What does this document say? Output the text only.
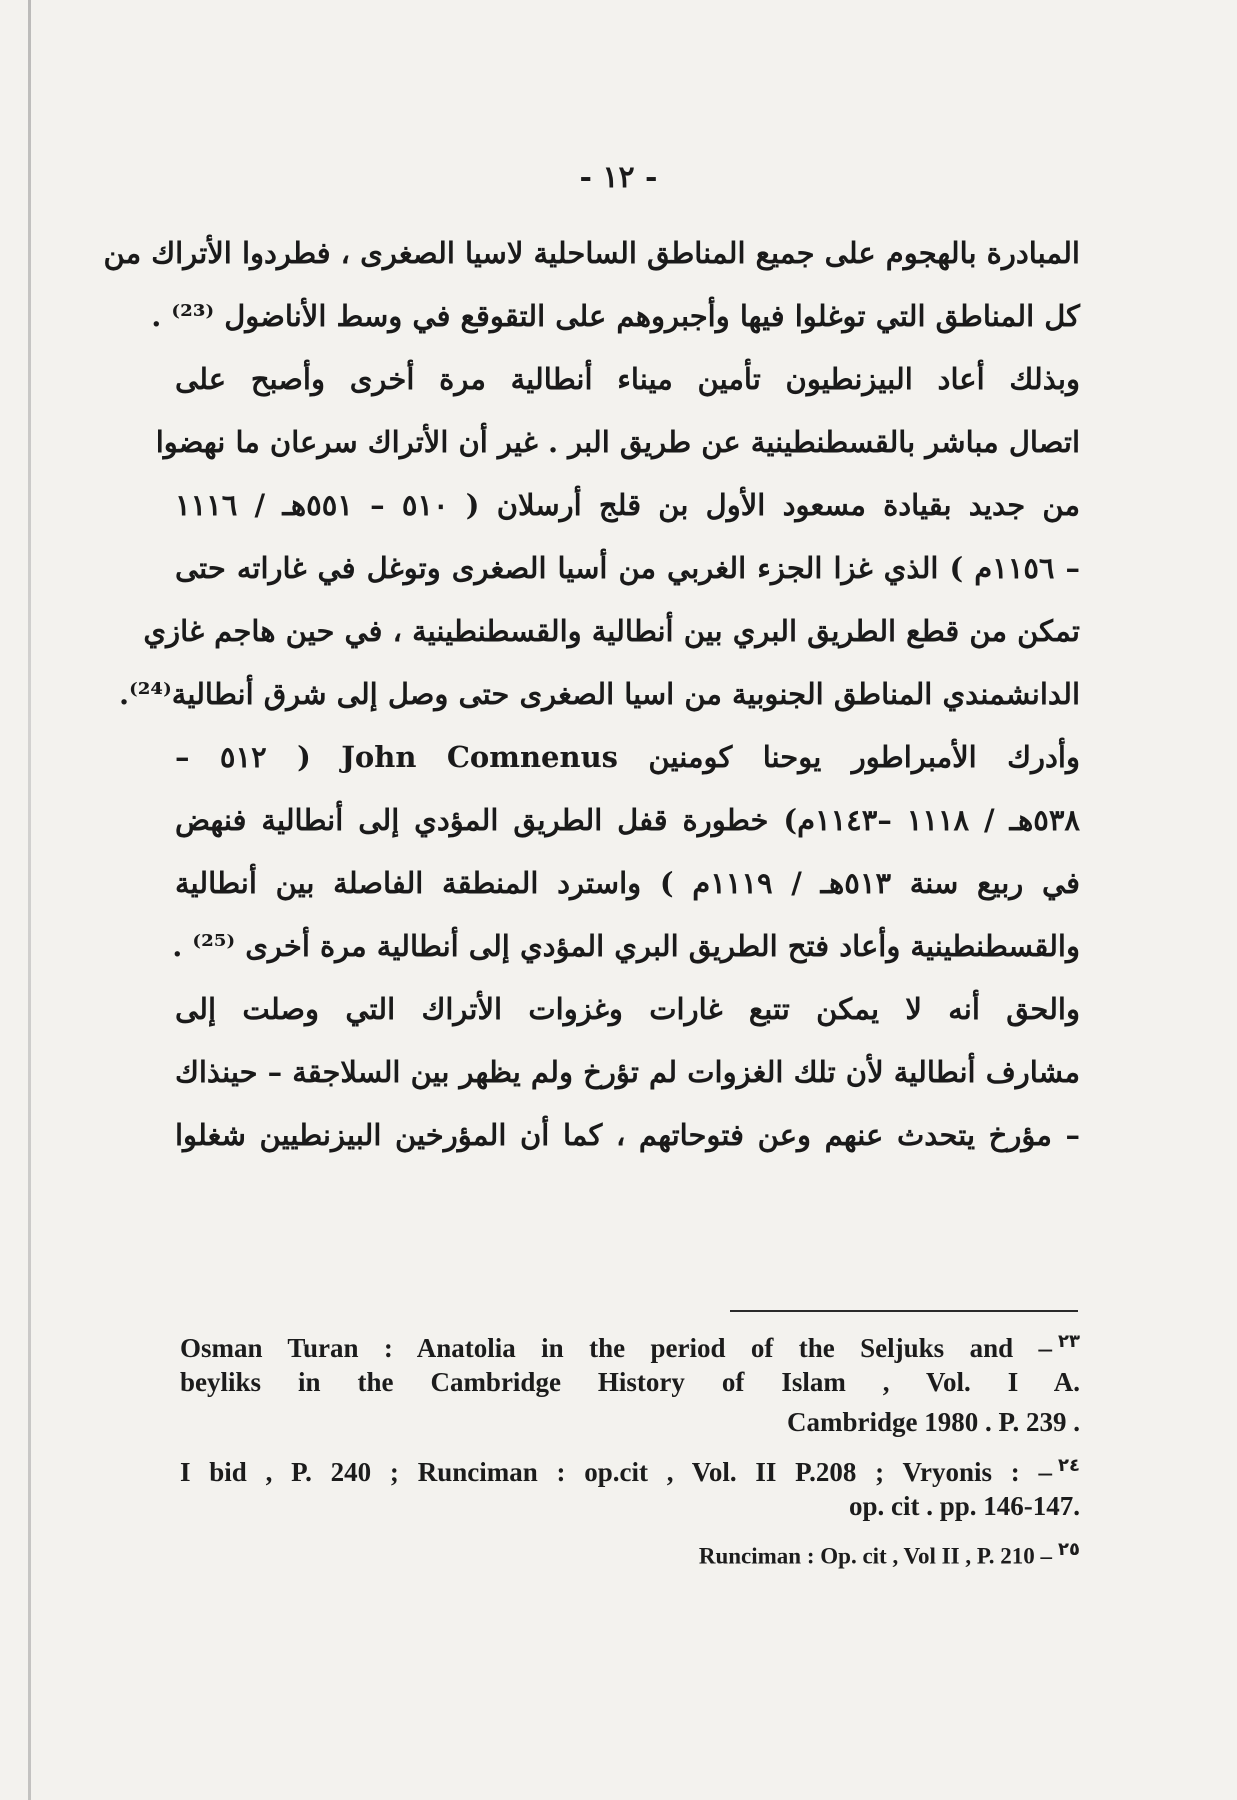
- ١٢ -
المبادرة بالهجوم على جميع المناطق الساحلية لاسيا الصغرى ، فطردوا الأتراك من
كل المناطق التي توغلوا فيها وأجبروهم على التقوقع في وسط الأناضول ⁽²³⁾ .
وبذلك أعاد البيزنطيون تأمين ميناء أنطالية مرة أخرى وأصبح على
اتصال مباشر بالقسطنطينية عن طريق البر . غير أن الأتراك سرعان ما نهضوا
من جديد بقيادة مسعود الأول بن قلج أرسلان ( ٥١٠ – ٥٥١هـ / ١١١٦
– ١١٥٦م ) الذي غزا الجزء الغربي من أسيا الصغرى وتوغل في غاراته حتى
تمكن من قطع الطريق البري بين أنطالية والقسطنطينية ، في حين هاجم غازي
الدانشمندي المناطق الجنوبية من اسيا الصغرى حتى وصل إلى شرق أنطالية⁽²⁴⁾.
وأدرك الأمبراطور يوحنا كومنين John Comnenus ( ٥١٢ –
٥٣٨هـ / ١١١٨ –١١٤٣م) خطورة قفل الطريق المؤدي إلى أنطالية فنهض
في ربيع سنة ٥١٣هـ / ١١١٩م ) واسترد المنطقة الفاصلة بين أنطالية
والقسطنطينية وأعاد فتح الطريق البري المؤدي إلى أنطالية مرة أخرى ⁽²⁵⁾ .
والحق أنه لا يمكن تتبع غارات وغزوات الأتراك التي وصلت إلى
مشارف أنطالية لأن تلك الغزوات لم تؤرخ ولم يظهر بين السلاجقة – حينذاك
– مؤرخ يتحدث عنهم وعن فتوحاتهم ، كما أن المؤرخين البيزنطيين شغلوا
Osman Turan : Anatolia in the period of the Seljuks and – ٢٣
beyliks in the Cambridge History of Islam , Vol. I A.
Cambridge 1980 . P. 239 .
I bid , P. 240 ; Runciman : op.cit , Vol. II P.208 ; Vryonis : – ٢٤
op. cit . pp. 146-147.
Runciman : Op. cit , Vol II , P. 210 – ٢٥
